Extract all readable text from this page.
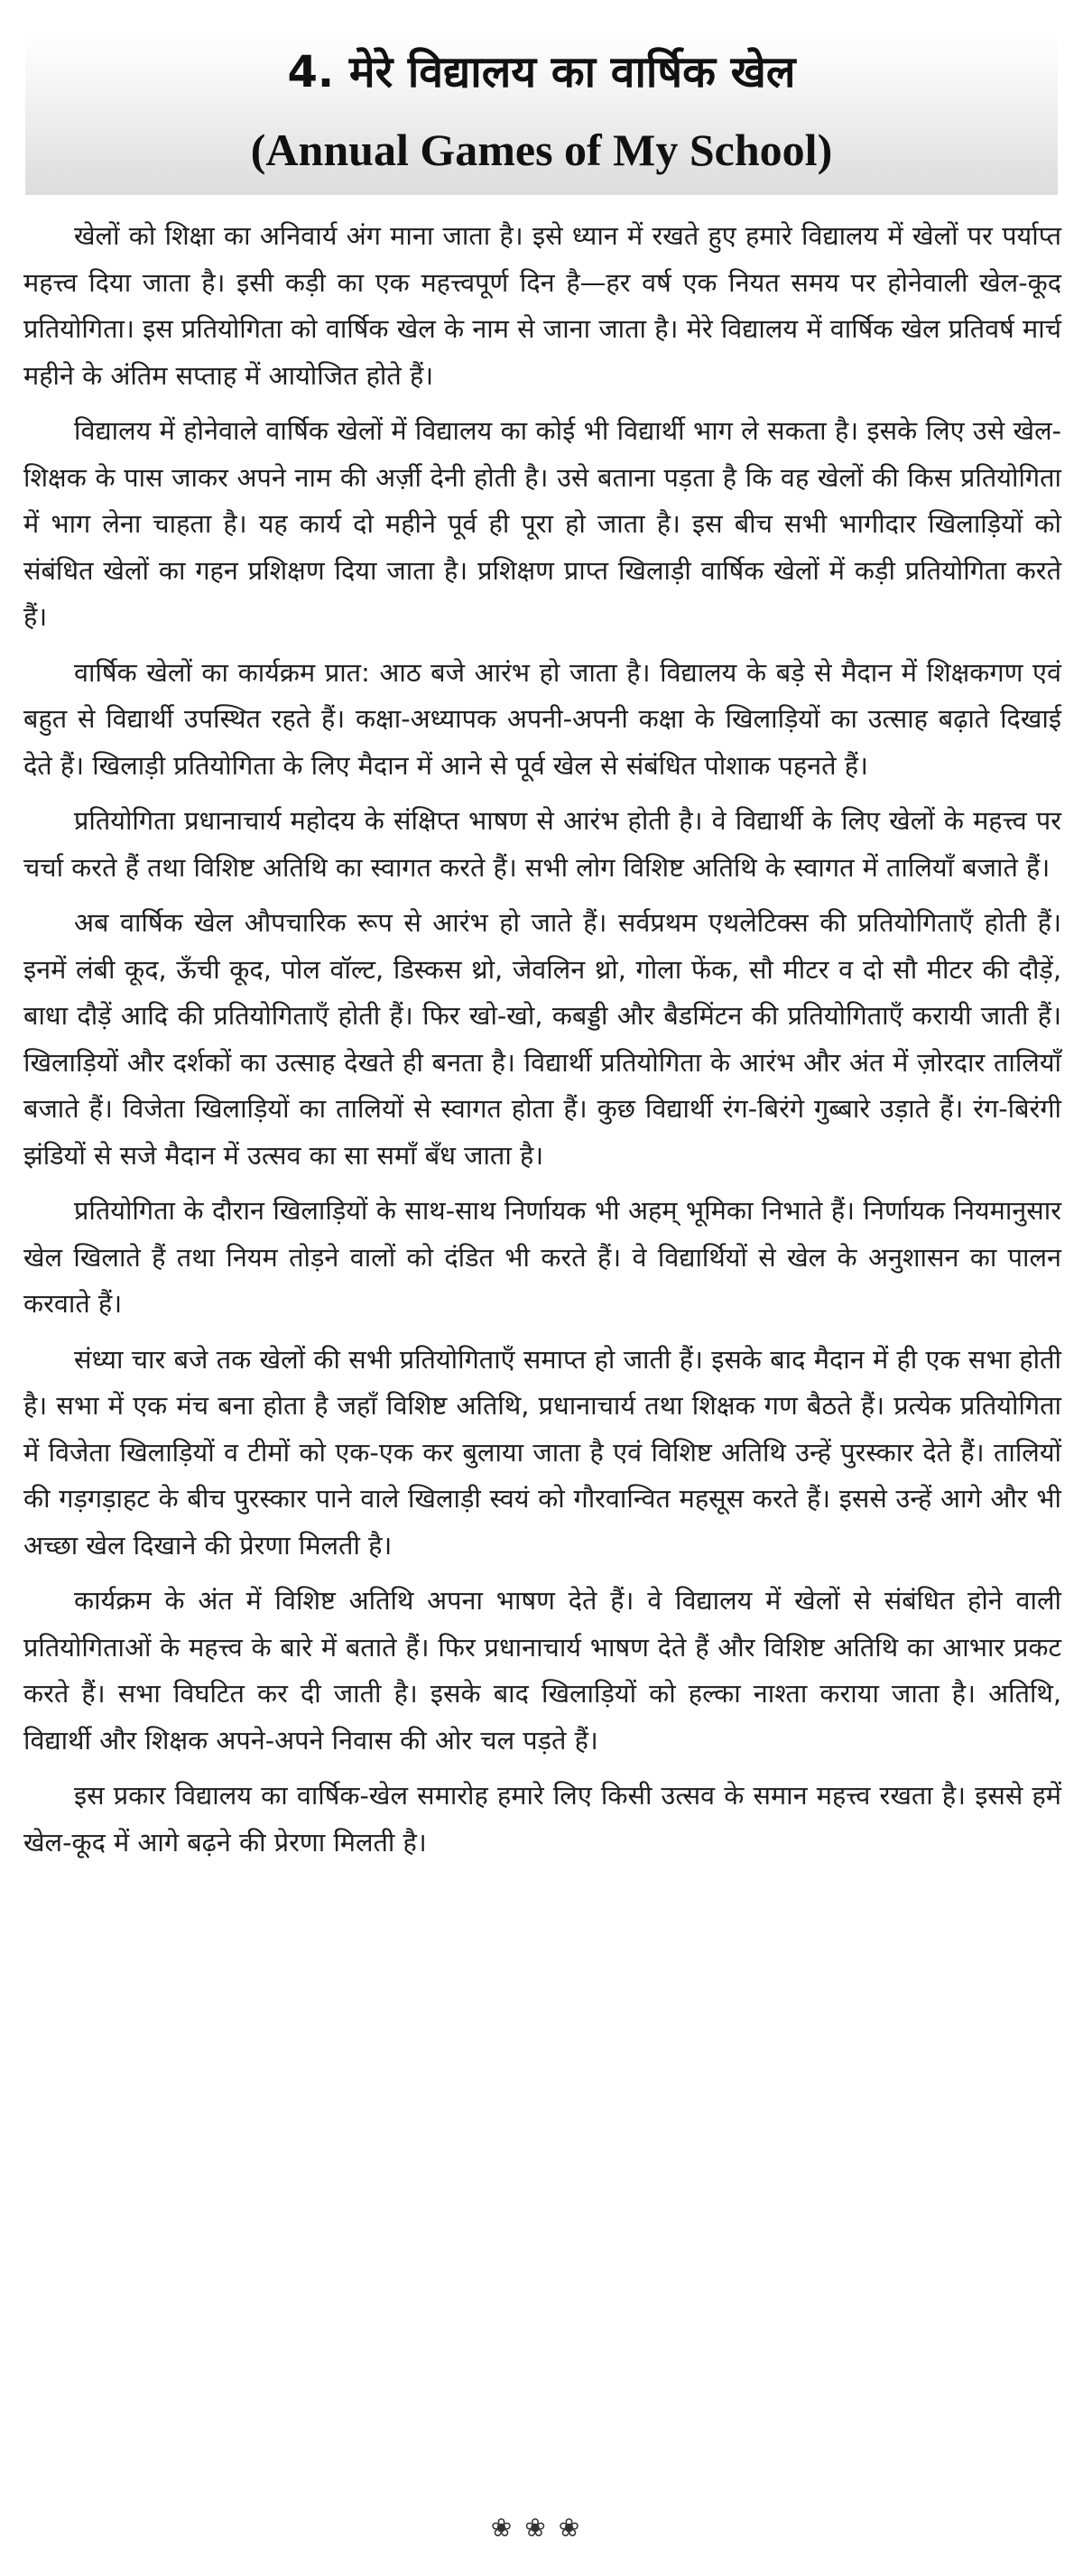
4. मेरे विद्यालय का वार्षिक खेल
(Annual Games of My School)

खेलों को शिक्षा का अनिवार्य अंग माना जाता है। इसे ध्यान में रखते हुए हमारे विद्यालय में खेलों पर पर्याप्त महत्त्व दिया जाता है। इसी कड़ी का एक महत्त्वपूर्ण दिन है—हर वर्ष एक नियत समय पर होनेवाली खेल-कूद प्रतियोगिता। इस प्रतियोगिता को वार्षिक खेल के नाम से जाना जाता है। मेरे विद्यालय में वार्षिक खेल प्रतिवर्ष मार्च महीने के अंतिम सप्ताह में आयोजित होते हैं।

विद्यालय में होनेवाले वार्षिक खेलों में विद्यालय का कोई भी विद्यार्थी भाग ले सकता है। इसके लिए उसे खेल-शिक्षक के पास जाकर अपने नाम की अर्ज़ी देनी होती है। उसे बताना पड़ता है कि वह खेलों की किस प्रतियोगिता में भाग लेना चाहता है। यह कार्य दो महीने पूर्व ही पूरा हो जाता है। इस बीच सभी भागीदार खिलाड़ियों को संबंधित खेलों का गहन प्रशिक्षण दिया जाता है। प्रशिक्षण प्राप्त खिलाड़ी वार्षिक खेलों में कड़ी प्रतियोगिता करते हैं।

वार्षिक खेलों का कार्यक्रम प्रात: आठ बजे आरंभ हो जाता है। विद्यालय के बड़े से मैदान में शिक्षकगण एवं बहुत से विद्यार्थी उपस्थित रहते हैं। कक्षा-अध्यापक अपनी-अपनी कक्षा के खिलाड़ियों का उत्साह बढ़ाते दिखाई देते हैं। खिलाड़ी प्रतियोगिता के लिए मैदान में आने से पूर्व खेल से संबंधित पोशाक पहनते हैं।

प्रतियोगिता प्रधानाचार्य महोदय के संक्षिप्त भाषण से आरंभ होती है। वे विद्यार्थी के लिए खेलों के महत्त्व पर चर्चा करते हैं तथा विशिष्ट अतिथि का स्वागत करते हैं। सभी लोग विशिष्ट अतिथि के स्वागत में तालियाँ बजाते हैं।

अब वार्षिक खेल औपचारिक रूप से आरंभ हो जाते हैं। सर्वप्रथम एथलेटिक्स की प्रतियोगिताएँ होती हैं। इनमें लंबी कूद, ऊँची कूद, पोल वॉल्ट, डिस्कस थ्रो, जेवलिन थ्रो, गोला फेंक, सौ मीटर व दो सौ मीटर की दौड़ें, बाधा दौड़ें आदि की प्रतियोगिताएँ होती हैं। फिर खो-खो, कबड्डी और बैडमिंटन की प्रतियोगिताएँ करायी जाती हैं। खिलाड़ियों और दर्शकों का उत्साह देखते ही बनता है। विद्यार्थी प्रतियोगिता के आरंभ और अंत में ज़ोरदार तालियाँ बजाते हैं। विजेता खिलाड़ियों का तालियों से स्वागत होता हैं। कुछ विद्यार्थी रंग-बिरंगे गुब्बारे उड़ाते हैं। रंग-बिरंगी झंडियों से सजे मैदान में उत्सव का सा समाँ बँध जाता है।

प्रतियोगिता के दौरान खिलाड़ियों के साथ-साथ निर्णायक भी अहम् भूमिका निभाते हैं। निर्णायक नियमानुसार खेल खिलाते हैं तथा नियम तोड़ने वालों को दंडित भी करते हैं। वे विद्यार्थियों से खेल के अनुशासन का पालन करवाते हैं।

संध्या चार बजे तक खेलों की सभी प्रतियोगिताएँ समाप्त हो जाती हैं। इसके बाद मैदान में ही एक सभा होती है। सभा में एक मंच बना होता है जहाँ विशिष्ट अतिथि, प्रधानाचार्य तथा शिक्षक गण बैठते हैं। प्रत्येक प्रतियोगिता में विजेता खिलाड़ियों व टीमों को एक-एक कर बुलाया जाता है एवं विशिष्ट अतिथि उन्हें पुरस्कार देते हैं। तालियों की गड़गड़ाहट के बीच पुरस्कार पाने वाले खिलाड़ी स्वयं को गौरवान्वित महसूस करते हैं। इससे उन्हें आगे और भी अच्छा खेल दिखाने की प्रेरणा मिलती है।

कार्यक्रम के अंत में विशिष्ट अतिथि अपना भाषण देते हैं। वे विद्यालय में खेलों से संबंधित होने वाली प्रतियोगिताओं के महत्त्व के बारे में बताते हैं। फिर प्रधानाचार्य भाषण देते हैं और विशिष्ट अतिथि का आभार प्रकट करते हैं। सभा विघटित कर दी जाती है। इसके बाद खिलाड़ियों को हल्का नाश्ता कराया जाता है। अतिथि, विद्यार्थी और शिक्षक अपने-अपने निवास की ओर चल पड़ते हैं।

इस प्रकार विद्यालय का वार्षिक-खेल समारोह हमारे लिए किसी उत्सव के समान महत्त्व रखता है। इससे हमें खेल-कूद में आगे बढ़ने की प्रेरणा मिलती है।

❀❀❀
